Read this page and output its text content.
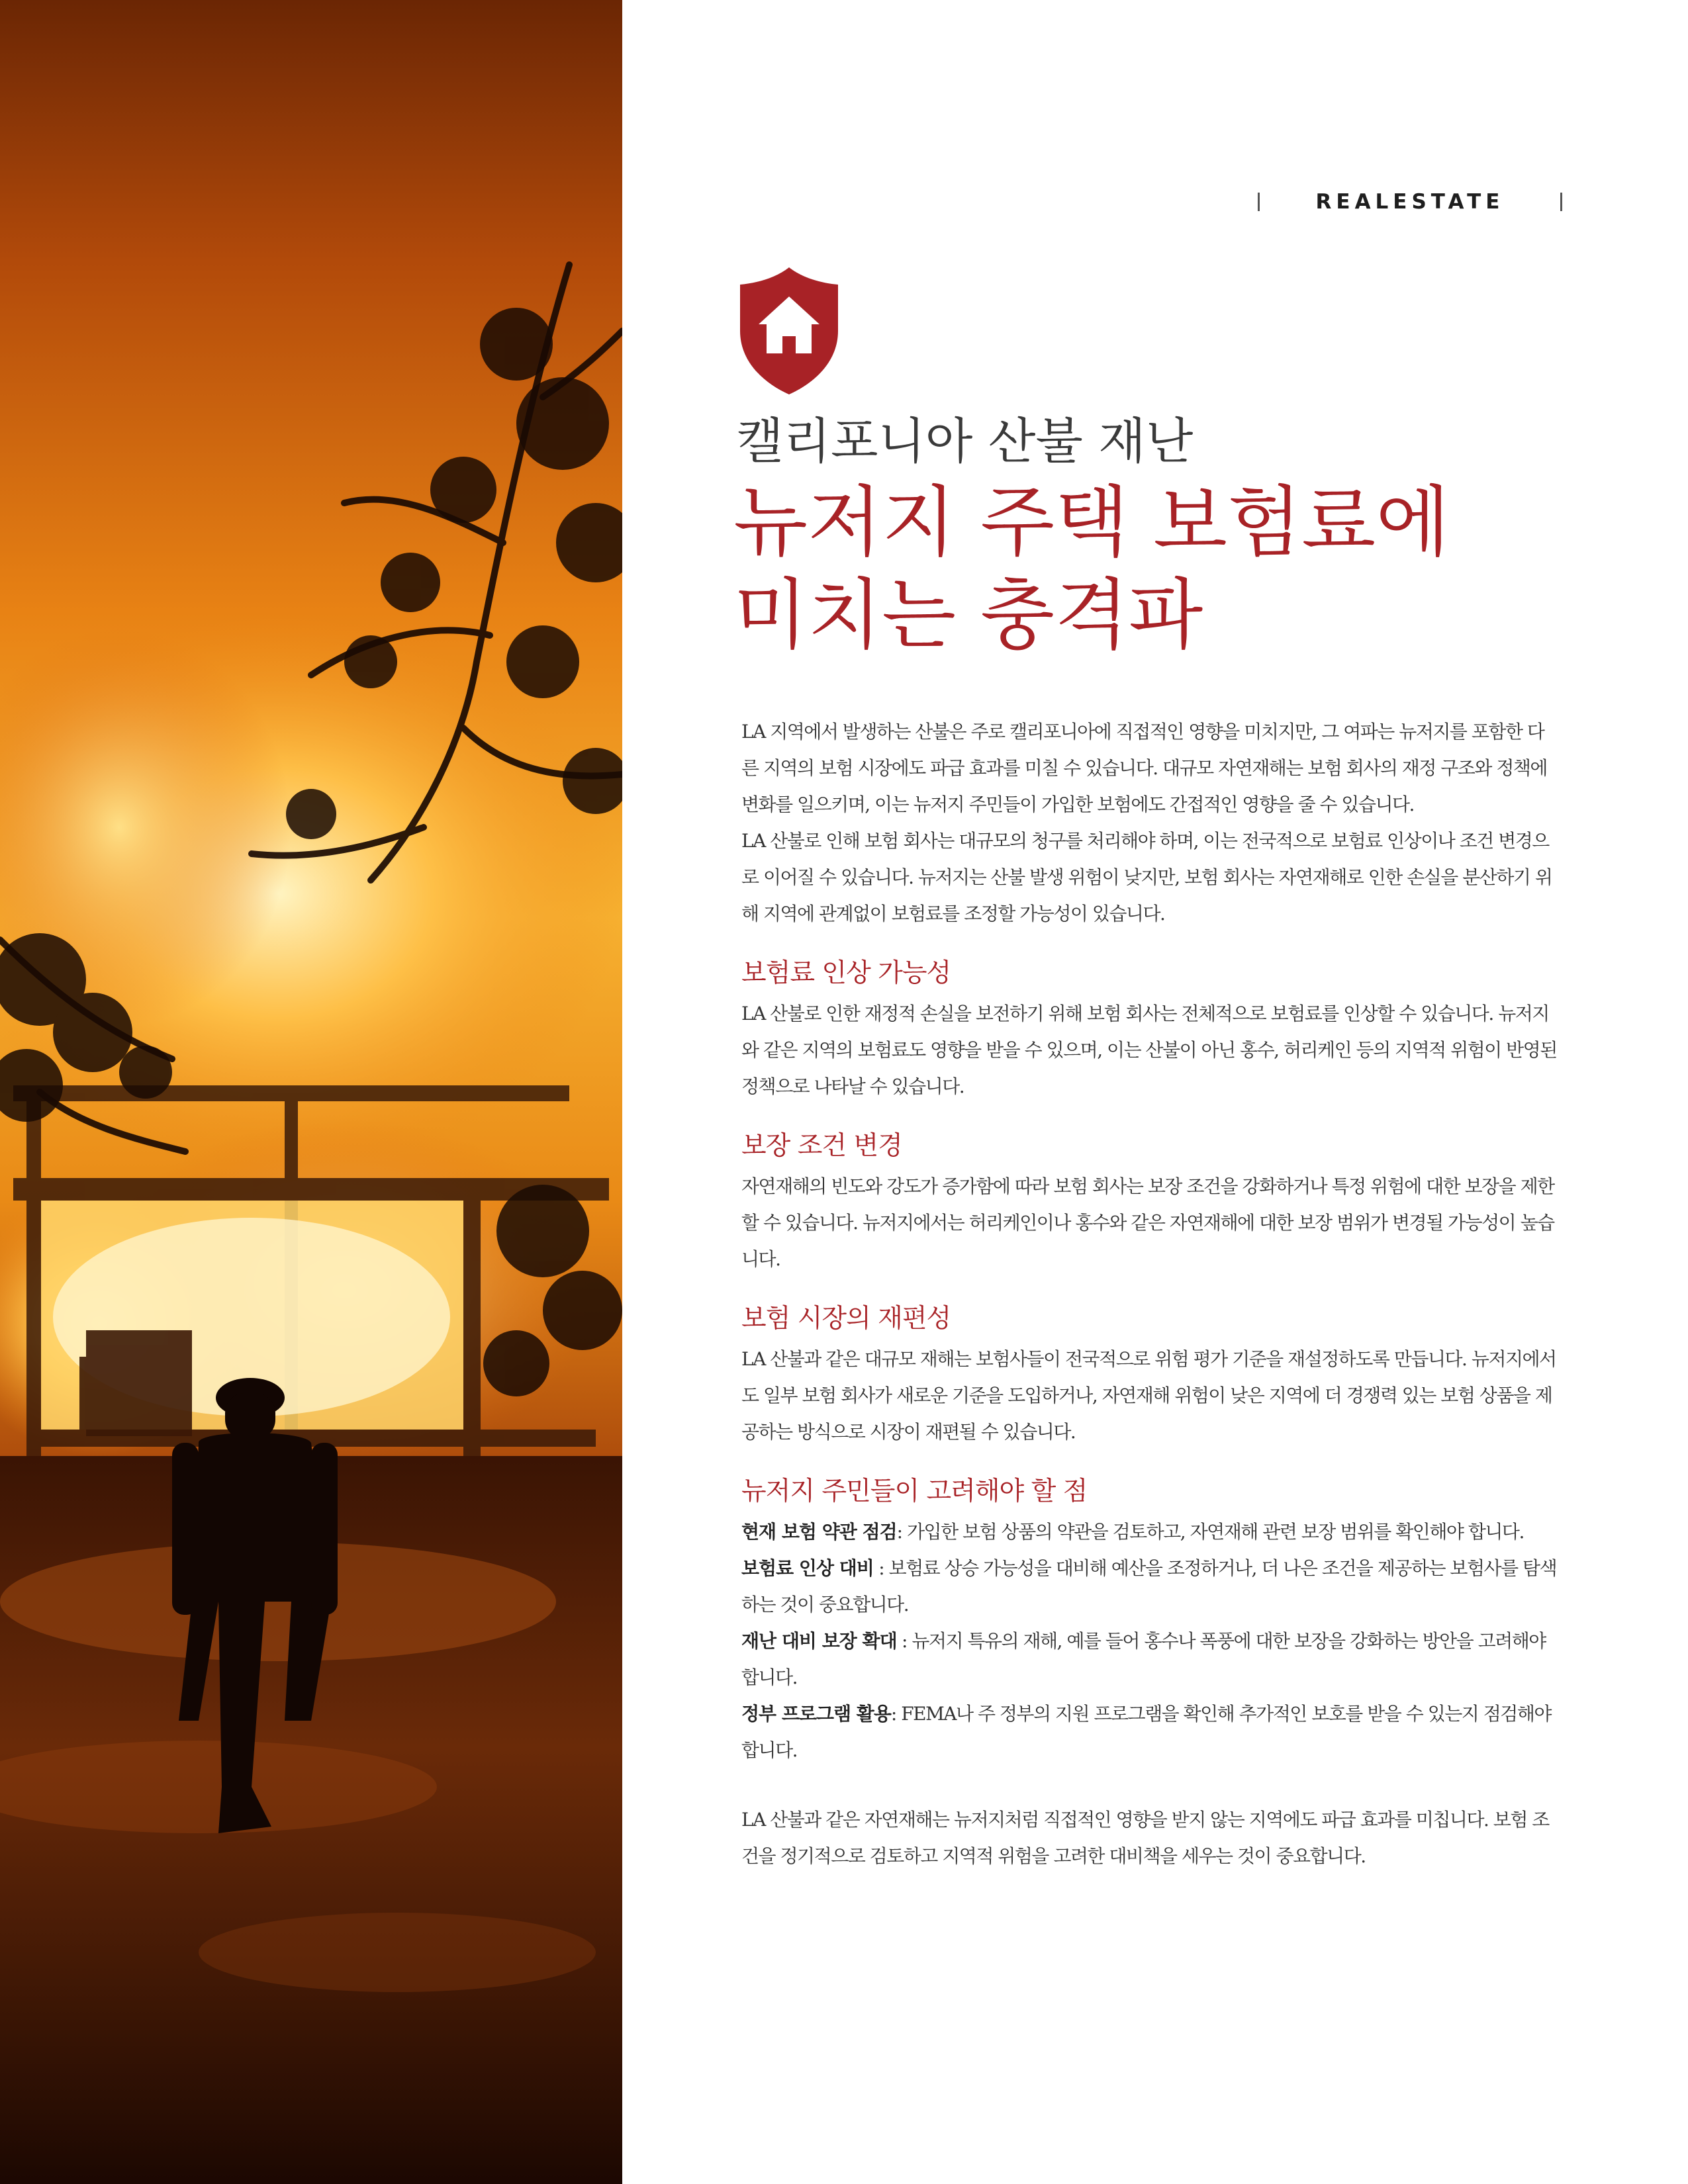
REALESTATE
캘리포니아 산불 재난
뉴저지 주택 보험료에
미치는 충격파

LA 지역에서 발생하는 산불은 주로 캘리포니아에 직접적인 영향을 미치지만, 그 여파는 뉴저지를 포함한 다른 지역의 보험 시장에도 파급 효과를 미칠 수 있습니다. 대규모 자연재해는 보험 회사의 재정 구조와 정책에 변화를 일으키며, 이는 뉴저지 주민들이 가입한 보험에도 간접적인 영향을 줄 수 있습니다.

LA 산불로 인해 보험 회사는 대규모의 청구를 처리해야 하며, 이는 전국적으로 보험료 인상이나 조건 변경으로 이어질 수 있습니다. 뉴저지는 산불 발생 위험이 낮지만, 보험 회사는 자연재해로 인한 손실을 분산하기 위해 지역에 관계없이 보험료를 조정할 가능성이 있습니다.

보험료 인상 가능성

LA 산불로 인한 재정적 손실을 보전하기 위해 보험 회사는 전체적으로 보험료를 인상할 수 있습니다. 뉴저지와 같은 지역의 보험료도 영향을 받을 수 있으며, 이는 산불이 아닌 홍수, 허리케인 등의 지역적 위험이 반영된 정책으로 나타날 수 있습니다.

보장 조건 변경

자연재해의 빈도와 강도가 증가함에 따라 보험 회사는 보장 조건을 강화하거나 특정 위험에 대한 보장을 제한할 수 있습니다. 뉴저지에서는 허리케인이나 홍수와 같은 자연재해에 대한 보장 범위가 변경될 가능성이 높습니다.

보험 시장의 재편성

LA 산불과 같은 대규모 재해는 보험사들이 전국적으로 위험 평가 기준을 재설정하도록 만듭니다. 뉴저지에서도 일부 보험 회사가 새로운 기준을 도입하거나, 자연재해 위험이 낮은 지역에 더 경쟁력 있는 보험 상품을 제공하는 방식으로 시장이 재편될 수 있습니다.

뉴저지 주민들이 고려해야 할 점

현재 보험 약관 점검: 가입한 보험 상품의 약관을 검토하고, 자연재해 관련 보장 범위를 확인해야 합니다.

보험료 인상 대비 : 보험료 상승 가능성을 대비해 예산을 조정하거나, 더 나은 조건을 제공하는 보험사를 탐색하는 것이 중요합니다.

재난 대비 보장 확대 : 뉴저지 특유의 재해, 예를 들어 홍수나 폭풍에 대한 보장을 강화하는 방안을 고려해야 합니다.

정부 프로그램 활용: FEMA나 주 정부의 지원 프로그램을 확인해 추가적인 보호를 받을 수 있는지 점검해야 합니다.

LA 산불과 같은 자연재해는 뉴저지처럼 직접적인 영향을 받지 않는 지역에도 파급 효과를 미칩니다. 보험 조건을 정기적으로 검토하고 지역적 위험을 고려한 대비책을 세우는 것이 중요합니다.
